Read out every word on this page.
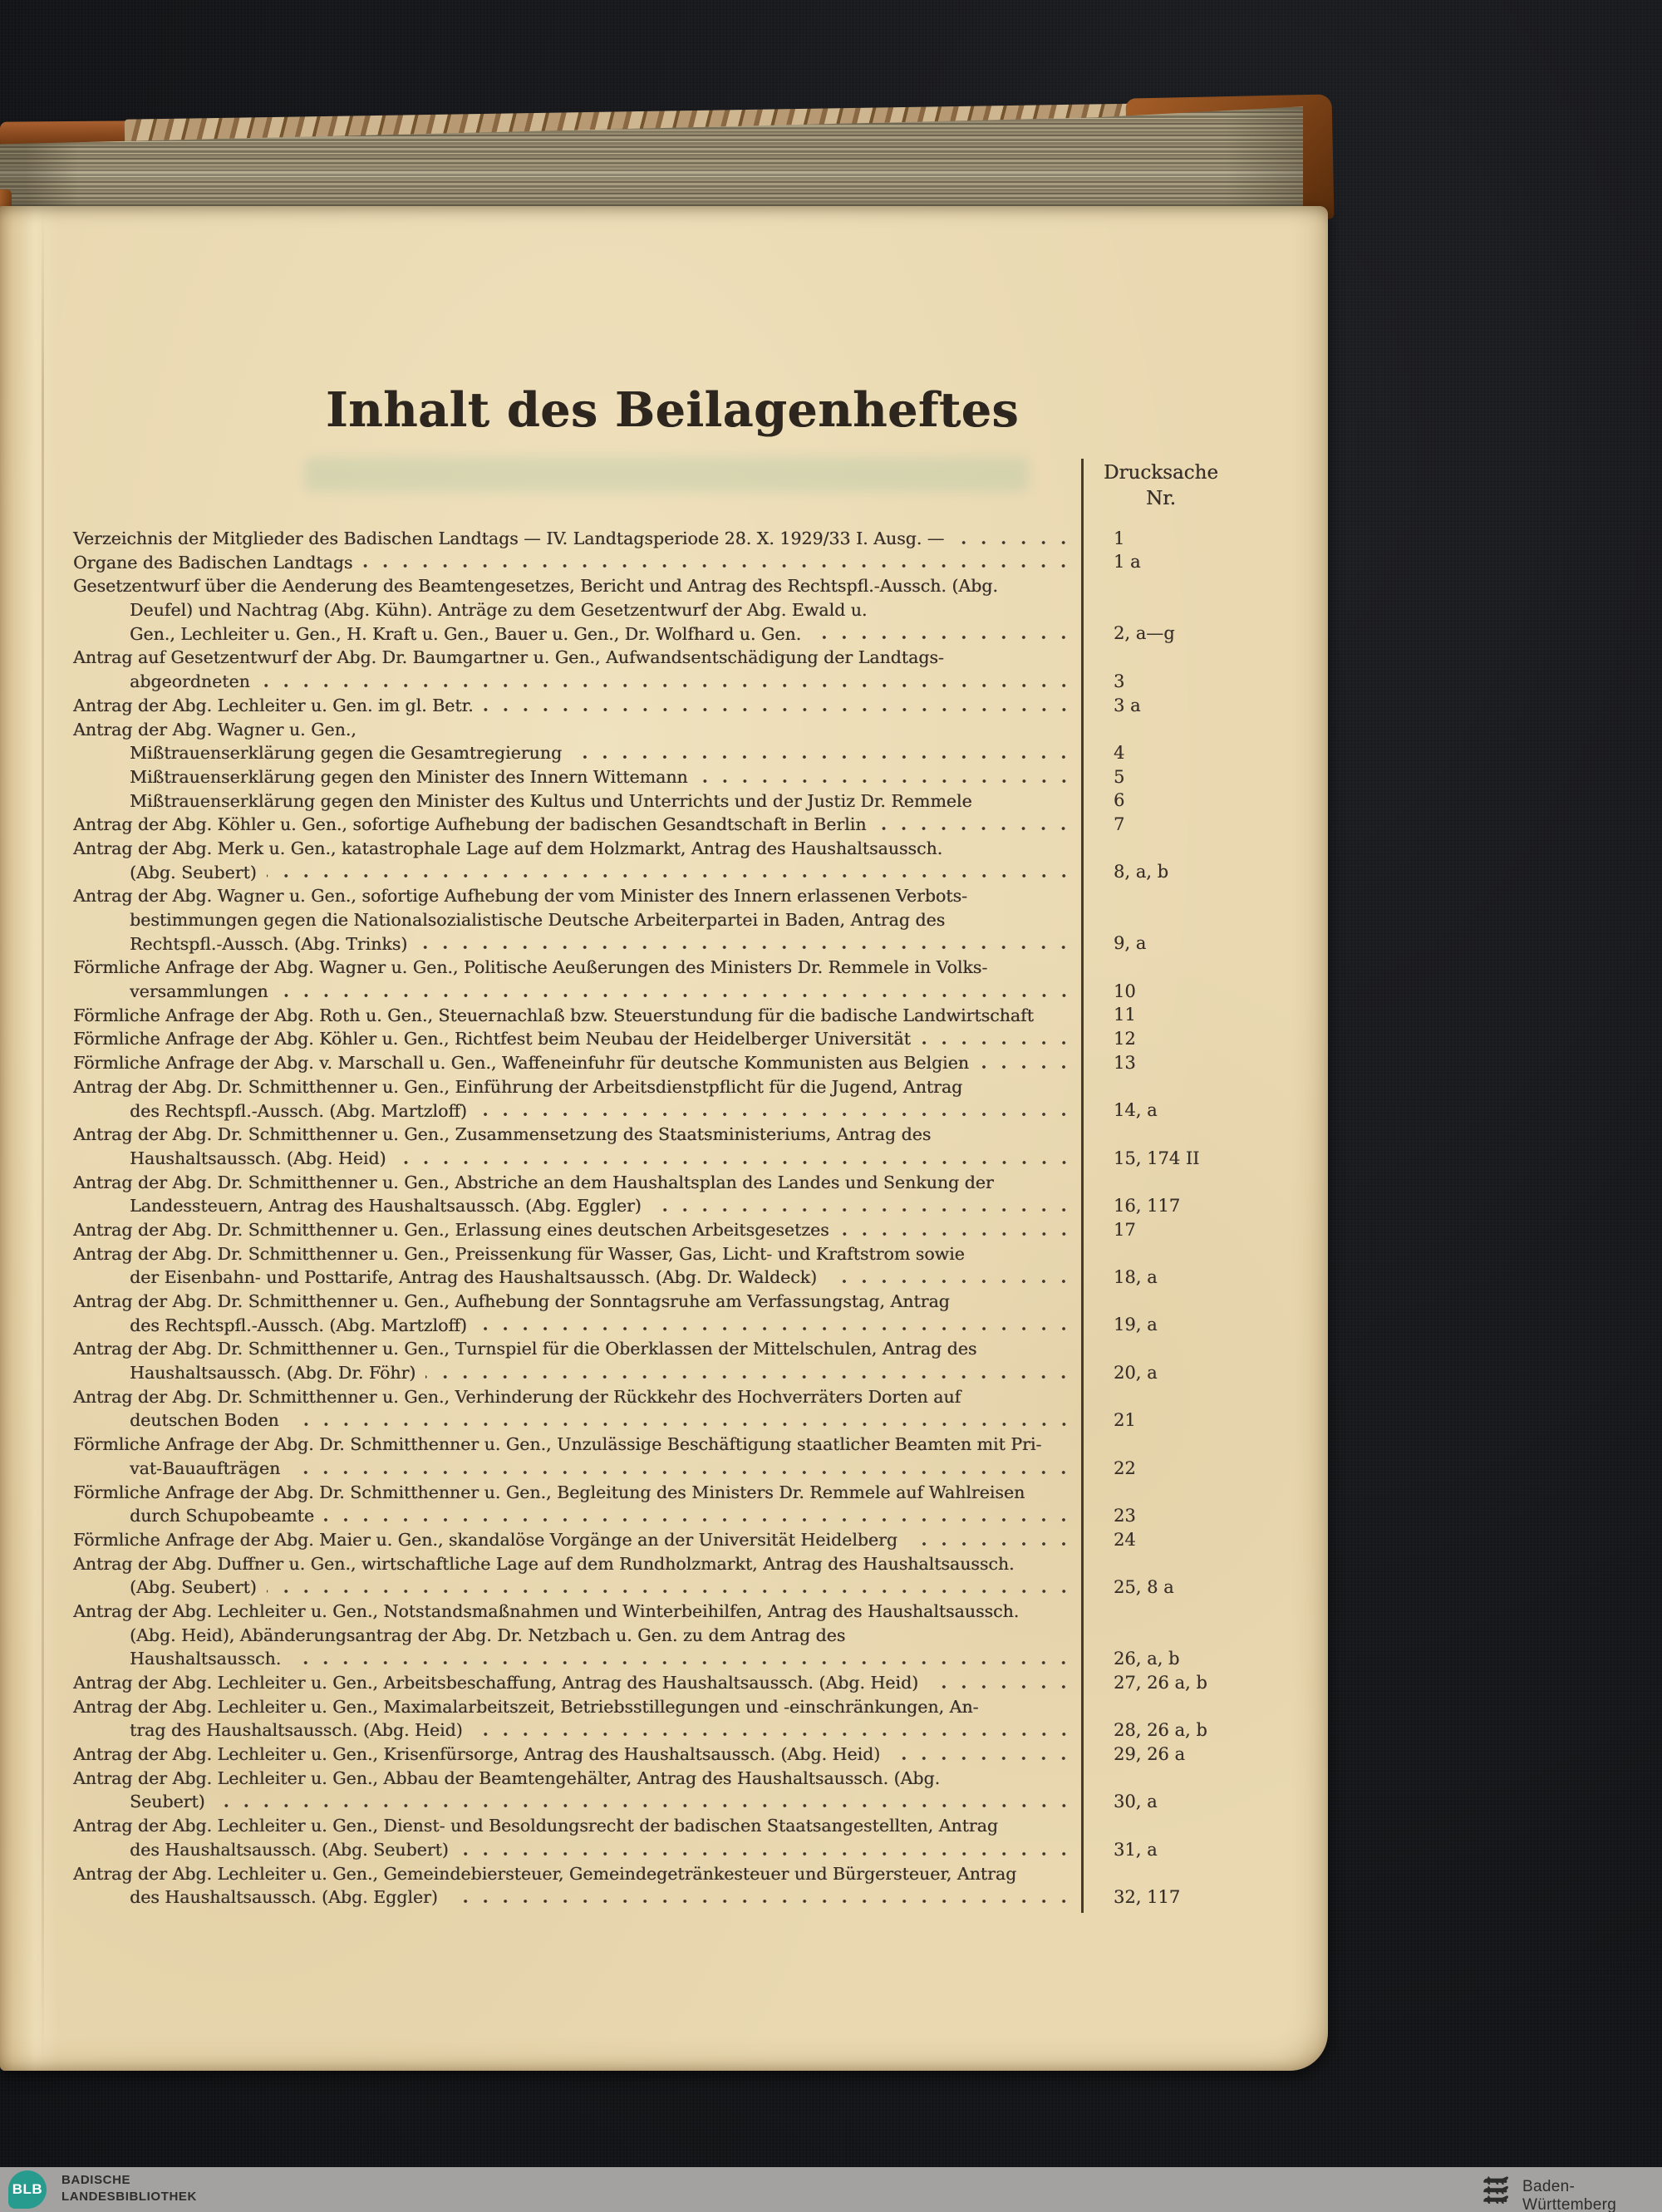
Inhalt des Beilagenheftes
Drucksache
Nr.
Verzeichnis der Mitglieder des Badischen Landtags — IV. Landtagsperiode 28. X. 1929/33 I. Ausg. —	1
Organe des Badischen Landtags	1 a
Gesetzentwurf über die Aenderung des Beamtengesetzes, Bericht und Antrag des Rechtspfl.-Aussch. (Abg.
Deufel) und Nachtrag (Abg. Kühn). Anträge zu dem Gesetzentwurf der Abg. Ewald u.
Gen., Lechleiter u. Gen., H. Kraft u. Gen., Bauer u. Gen., Dr. Wolfhard u. Gen.	2, a—g
Antrag auf Gesetzentwurf der Abg. Dr. Baumgartner u. Gen., Aufwandsentschädigung der Landtags-
abgeordneten	3
Antrag der Abg. Lechleiter u. Gen. im gl. Betr.	3 a
Antrag der Abg. Wagner u. Gen.,
Mißtrauenserklärung gegen die Gesamtregierung	4
Mißtrauenserklärung gegen den Minister des Innern Wittemann	5
Mißtrauenserklärung gegen den Minister des Kultus und Unterrichts und der Justiz Dr. Remmele	6
Antrag der Abg. Köhler u. Gen., sofortige Aufhebung der badischen Gesandtschaft in Berlin	7
Antrag der Abg. Merk u. Gen., katastrophale Lage auf dem Holzmarkt, Antrag des Haushaltsaussch.
(Abg. Seubert)	8, a, b
Antrag der Abg. Wagner u. Gen., sofortige Aufhebung der vom Minister des Innern erlassenen Verbots-
bestimmungen gegen die Nationalsozialistische Deutsche Arbeiterpartei in Baden, Antrag des
Rechtspfl.-Aussch. (Abg. Trinks)	9, a
Förmliche Anfrage der Abg. Wagner u. Gen., Politische Aeußerungen des Ministers Dr. Remmele in Volks-
versammlungen	10
Förmliche Anfrage der Abg. Roth u. Gen., Steuernachlaß bzw. Steuerstundung für die badische Landwirtschaft	11
Förmliche Anfrage der Abg. Köhler u. Gen., Richtfest beim Neubau der Heidelberger Universität	12
Förmliche Anfrage der Abg. v. Marschall u. Gen., Waffeneinfuhr für deutsche Kommunisten aus Belgien	13
Antrag der Abg. Dr. Schmitthenner u. Gen., Einführung der Arbeitsdienstpflicht für die Jugend, Antrag
des Rechtspfl.-Aussch. (Abg. Martzloff)	14, a
Antrag der Abg. Dr. Schmitthenner u. Gen., Zusammensetzung des Staatsministeriums, Antrag des
Haushaltsaussch. (Abg. Heid)	15, 174 II
Antrag der Abg. Dr. Schmitthenner u. Gen., Abstriche an dem Haushaltsplan des Landes und Senkung der
Landessteuern, Antrag des Haushaltsaussch. (Abg. Eggler)	16, 117
Antrag der Abg. Dr. Schmitthenner u. Gen., Erlassung eines deutschen Arbeitsgesetzes	17
Antrag der Abg. Dr. Schmitthenner u. Gen., Preissenkung für Wasser, Gas, Licht- und Kraftstrom sowie
der Eisenbahn- und Posttarife, Antrag des Haushaltsaussch. (Abg. Dr. Waldeck)	18, a
Antrag der Abg. Dr. Schmitthenner u. Gen., Aufhebung der Sonntagsruhe am Verfassungstag, Antrag
des Rechtspfl.-Aussch. (Abg. Martzloff)	19, a
Antrag der Abg. Dr. Schmitthenner u. Gen., Turnspiel für die Oberklassen der Mittelschulen, Antrag des
Haushaltsaussch. (Abg. Dr. Föhr)	20, a
Antrag der Abg. Dr. Schmitthenner u. Gen., Verhinderung der Rückkehr des Hochverräters Dorten auf
deutschen Boden	21
Förmliche Anfrage der Abg. Dr. Schmitthenner u. Gen., Unzulässige Beschäftigung staatlicher Beamten mit Pri-
vat-Bauaufträgen	22
Förmliche Anfrage der Abg. Dr. Schmitthenner u. Gen., Begleitung des Ministers Dr. Remmele auf Wahlreisen
durch Schupobeamte	23
Förmliche Anfrage der Abg. Maier u. Gen., skandalöse Vorgänge an der Universität Heidelberg	24
Antrag der Abg. Duffner u. Gen., wirtschaftliche Lage auf dem Rundholzmarkt, Antrag des Haushaltsaussch.
(Abg. Seubert)	25, 8 a
Antrag der Abg. Lechleiter u. Gen., Notstandsmaßnahmen und Winterbeihilfen, Antrag des Haushaltsaussch.
(Abg. Heid), Abänderungsantrag der Abg. Dr. Netzbach u. Gen. zu dem Antrag des
Haushaltsaussch.	26, a, b
Antrag der Abg. Lechleiter u. Gen., Arbeitsbeschaffung, Antrag des Haushaltsaussch. (Abg. Heid)	27, 26 a, b
Antrag der Abg. Lechleiter u. Gen., Maximalarbeitszeit, Betriebsstillegungen und -einschränkungen, An-
trag des Haushaltsaussch. (Abg. Heid)	28, 26 a, b
Antrag der Abg. Lechleiter u. Gen., Krisenfürsorge, Antrag des Haushaltsaussch. (Abg. Heid)	29, 26 a
Antrag der Abg. Lechleiter u. Gen., Abbau der Beamtengehälter, Antrag des Haushaltsaussch. (Abg.
Seubert)	30, a
Antrag der Abg. Lechleiter u. Gen., Dienst- und Besoldungsrecht der badischen Staatsangestellten, Antrag
des Haushaltsaussch. (Abg. Seubert)	31, a
Antrag der Abg. Lechleiter u. Gen., Gemeindebiersteuer, Gemeindegetränkesteuer und Bürgersteuer, Antrag
des Haushaltsaussch. (Abg. Eggler)	32, 117
BLB
BADISCHE
LANDESBIBLIOTHEK
Baden-Württemberg
